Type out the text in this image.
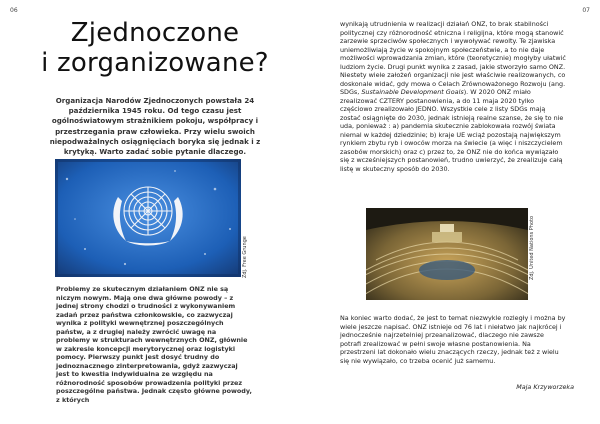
06	07
Zjednoczone
i zorganizowane?

Organizacja Narodów Zjednoczonych powstała 24 października 1945 roku. Od tego czasu jest ogólnoświatowym strażnikiem pokoju, współpracy i przestrzegania praw człowieka. Przy wielu swoich niepodważalnych osiągnięciach boryka się jednak i z krytyką. Warto zadać sobie pytanie dlaczego.

Zdj. Free Grunge

Problemy ze skutecznym działaniem ONZ nie są niczym nowym. Mają one dwa główne powody – z jednej strony chodzi o trudności z wykonywaniem zadań przez państwa członkowskie, co zazwyczaj wynika z polityki wewnętrznej poszczególnych państw, a z drugiej należy zwrócić uwagę na problemy w strukturach wewnętrznych ONZ, głównie w zakresie koncepcji merytorycznej oraz logistyki pomocy. Pierwszy punkt jest dosyć trudny do jednoznacznego zinterpretowania, gdyż zazwyczaj jest to kwestia indywidualna ze względu na różnorodność sposobów prowadzenia polityki przez poszczególne państwa. Jednak często główne powody, z których

wynikają utrudnienia w realizacji działań ONZ, to brak stabilności politycznej czy różnorodność etniczna i religijna, które mogą stanowić zarzewie sprzeciwów społecznych i wywoływać rewolty. Te zjawiska uniemożliwiają życie w spokojnym społeczeństwie, a to nie daje możliwości wprowadzania zmian, które (teoretycznie) mogłyby ułatwić ludziom życie. Drugi punkt wynika z zasad, jakie stworzyło samo ONZ. Niestety wiele założeń organizacji nie jest właściwie realizowanych, co doskonale widać, gdy mowa o Celach Zrównoważonego Rozwoju (ang. SDGs, Sustainable Development Goals). W 2020 ONZ miało zrealizować CZTERY postanowienia, a do 11 maja 2020 tylko częściowo zrealizowało JEDNO. Wszystkie cele z listy SDGs mają zostać osiągnięte do 2030, jednak istnieją realne szanse, że się to nie uda, ponieważ : a) pandemia skutecznie zablokowała rozwój świata niemal w każdej dziedzinie; b) kraje UE wciąż pozostają największym rynkiem zbytu ryb i owoców morza na świecie (a więc i niszczycielem zasobów morskich) oraz c) przez to, że ONZ nie do końca wywiązało się z wcześniejszych postanowień, trudno uwierzyć, że zrealizuje całą listę w skuteczny sposób do 2030.

Zdj. United Nations Photo

Na koniec warto dodać, że jest to temat niezwykle rozległy i można by wiele jeszcze napisać. ONZ istnieje od 76 lat i niełatwo jak najkrócej i jednocześnie najrzetelniej przeanalizować, dlaczego nie zawsze potrafi zrealizować w pełni swoje własne postanowienia. Na przestrzeni lat dokonało wielu znaczących rzeczy, jednak też z wielu się nie wywiązało, co trzeba ocenić już samemu.

Maja Krzyworzeka
